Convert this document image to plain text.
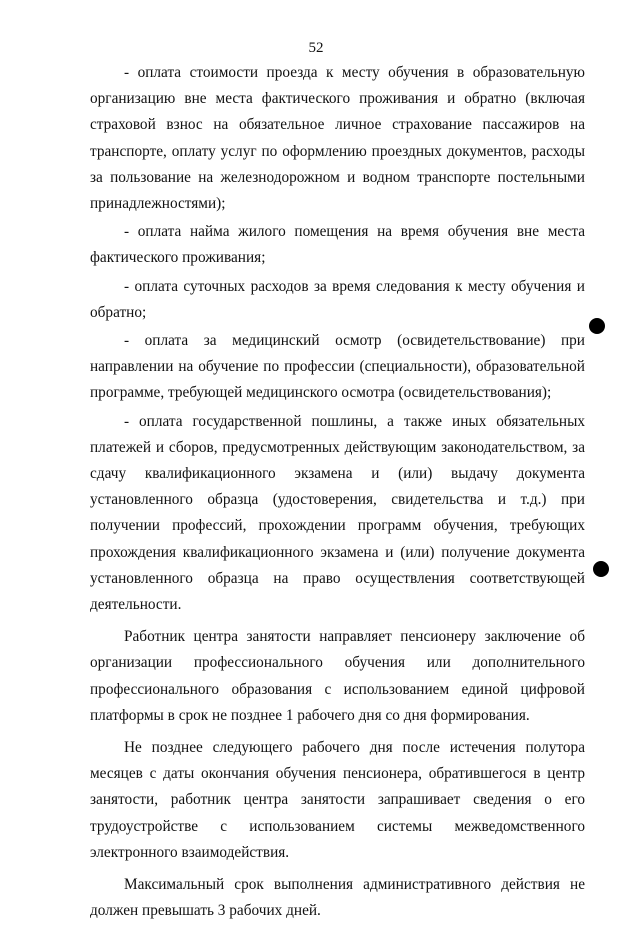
52

- оплата стоимости проезда к месту обучения в образовательную организацию вне места фактического проживания и обратно (включая страховой взнос на обязательное личное страхование пассажиров на транспорте, оплату услуг по оформлению проездных документов, расходы за пользование на железнодорожном и водном транспорте постельными принадлежностями);

- оплата найма жилого помещения на время обучения вне места фактического проживания;

- оплата суточных расходов за время следования к месту обучения и обратно;

- оплата за медицинский осмотр (освидетельствование) при направлении на обучение по профессии (специальности), образовательной программе, требующей медицинского осмотра (освидетельствования);

- оплата государственной пошлины, а также иных обязательных платежей и сборов, предусмотренных действующим законодательством, за сдачу квалификационного экзамена и (или) выдачу документа установленного образца (удостоверения, свидетельства и т.д.) при получении профессий, прохождении программ обучения, требующих прохождения квалификационного экзамена и (или) получение документа установленного образца на право осуществления соответствующей деятельности.

Работник центра занятости направляет пенсионеру заключение об организации профессионального обучения или дополнительного профессионального образования с использованием единой цифровой платформы в срок не позднее 1 рабочего дня со дня формирования.

Не позднее следующего рабочего дня после истечения полутора месяцев с даты окончания обучения пенсионера, обратившегося в центр занятости, работник центра занятости запрашивает сведения о его трудоустройстве с использованием системы межведомственного электронного взаимодействия.

Максимальный срок выполнения административного действия не должен превышать 3 рабочих дней.
